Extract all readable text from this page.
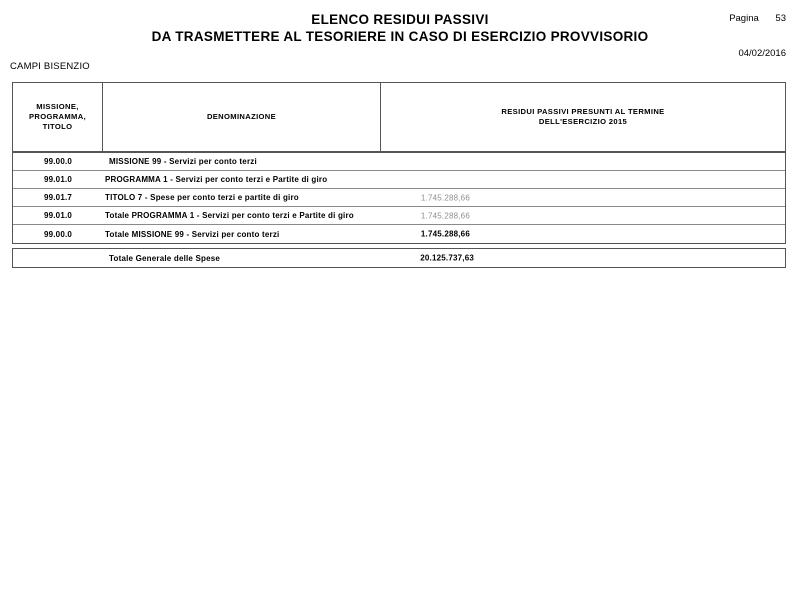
ELENCO RESIDUI PASSIVI
DA TRASMETTERE AL TESORIERE IN CASO DI ESERCIZIO PROVVISORIO
Pagina 53
04/02/2016
CAMPI BISENZIO
MISSIONE,
PROGRAMMA,
TITOLO
DENOMINAZIONE
RESIDUI PASSIVI PRESUNTI AL TERMINE
DELL'ESERCIZIO 2015
99.00.0	MISSIONE 99 - Servizi per conto terzi
99.01.0	PROGRAMMA 1 - Servizi per conto terzi e Partite di giro
99.01.7	TITOLO 7 - Spese per conto terzi e partite di giro	1.745.288,66
99.01.0	Totale PROGRAMMA 1 - Servizi per conto terzi e Partite di giro	1.745.288,66
99.00.0	Totale MISSIONE 99 - Servizi per conto terzi	1.745.288,66
Totale Generale delle Spese	20.125.737,63
